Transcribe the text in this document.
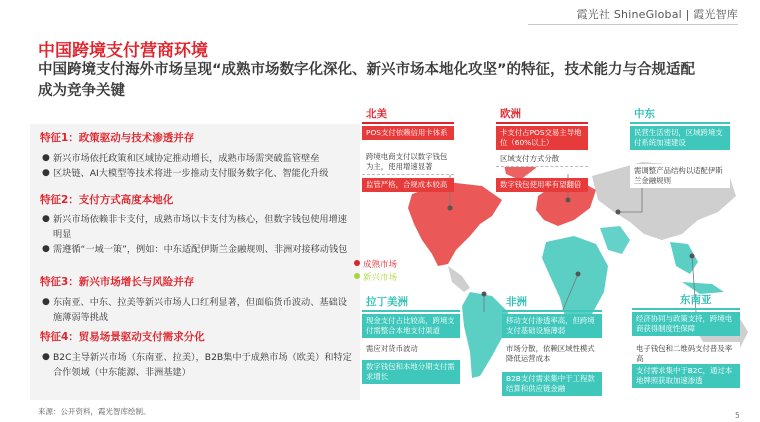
霞光社 ShineGlobal | 霞光智库
中国跨境支付营商环境
中国跨境支付海外市场呈现“成熟市场数字化深化、新兴市场本地化攻坚”的特征，技术能力与合规适配成为竞争关键
特征1：政策驱动与技术渗透并存
● 新兴市场依托政策和区域协定推动增长，成熟市场需突破监管壁垒
● 区块链、AI大模型等技术将进一步推动支付服务数字化、智能化升级
特征2：支付方式高度本地化
● 新兴市场依赖非卡支付，成熟市场以卡支付为核心，但数字钱包使用增速明显
● 需遵循“一域一策”，例如：中东适配伊斯兰金融规则、非洲对接移动钱包
特征3：新兴市场增长与风险并存
● 东南亚、中东、拉美等新兴市场人口红利显著，但面临货币波动、基础设施薄弱等挑战
特征4：贸易场景驱动支付需求分化
● B2C主导新兴市场（东南亚、拉美），B2B集中于成熟市场（欧美）和特定合作领域（中东能源、非洲基建）
北美
POS支付依赖信用卡体系
跨境电商支付以数字钱包为主，使用增速显著
监管严格，合规成本较高
欧洲
卡支付占POS交易主导地位（60%以上）
区域支付方式分散
数字钱包使用率有望翻倍
中东
民营生活密切，区域跨境支付系统加速建设
需调整产品结构以适配伊斯兰金融规则
成熟市场
新兴市场
拉丁美洲
现金支付占比较高，跨境支付需整合本地支付渠道
需应对货币波动
数字钱包和本地分期支付需求增长
非洲
移动支付渗透率高，但跨境支付基础设施薄弱
市场分散，依赖区域性模式降低运营成本
B2B支付需求集中于工程款结算和供应链金融
东南亚
经济协同与政策支持，跨境电商获得制度性保障
电子钱包和二维码支付普及率高
支付需求集中于B2C，通过本地牌照获取加速渗透
来源：公开资料，霞光智库绘制。	5
